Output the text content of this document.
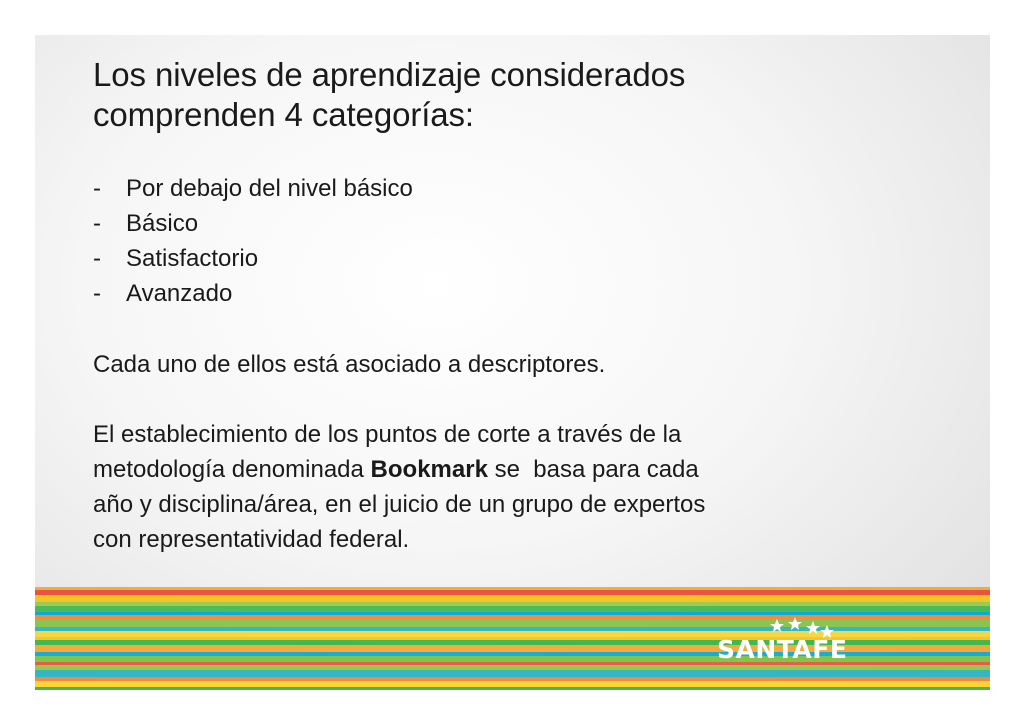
Los niveles de aprendizaje considerados
comprenden 4 categorías:
-	Por debajo del nivel básico
-	Básico
-	Satisfactorio
-	Avanzado

Cada uno de ellos está asociado a descriptores.

El establecimiento de los puntos de corte a través de la
metodología denominada Bookmark se  basa para cada
año y disciplina/área, en el juicio de un grupo de expertos
con representatividad federal.

SANTAFE
